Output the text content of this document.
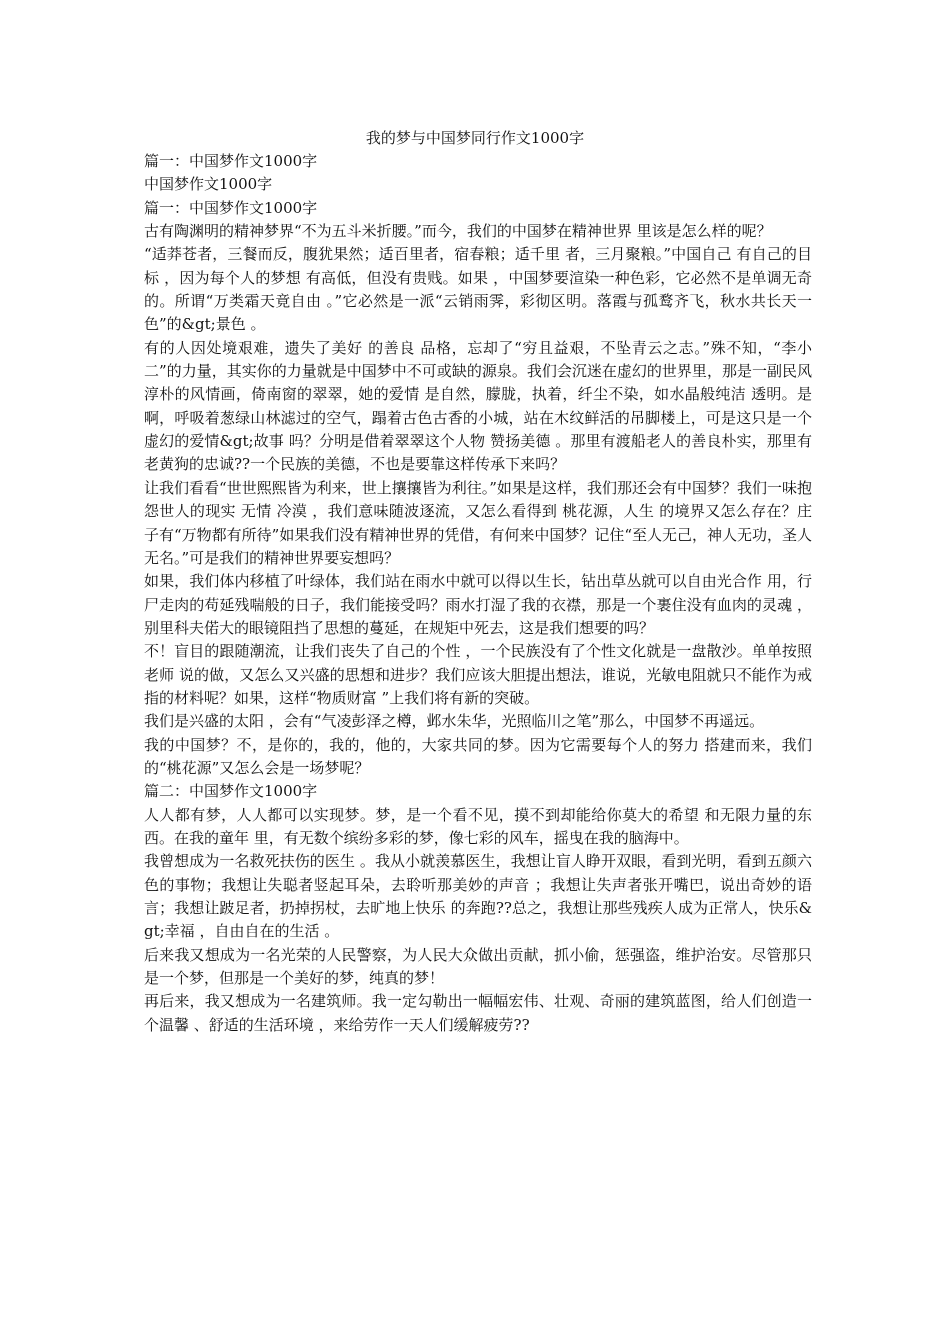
我的梦与中国梦同行作文1000字

篇一：中国梦作文1000字

中国梦作文1000字

篇一：中国梦作文1000字

古有陶渊明的精神梦界“不为五斗米折腰。”而今，我们的中国梦在精神世界 里该是怎么样的呢？

“适莽苍者，三餐而反，腹犹果然；适百里者，宿春粮；适千里 者，三月聚粮。”中国自己 有自己的目标 ，因为每个人的梦想 有高低，但没有贵贱。如果 ，中国梦要渲染一种色彩，它必然不是单调无奇的。所谓“万类霜天竟自由 。”它必然是一派“云销雨霁，彩彻区明。落霞与孤鹜齐飞，秋水共长天一色”的&gt;景色 。

有的人因处境艰难，遗失了美好 的善良 品格，忘却了“穷且益艰，不坠青云之志。”殊不知，“李小二”的力量，其实你的力量就是中国梦中不可或缺的源泉。我们会沉迷在虚幻的世界里，那是一副民风淳朴的风情画，倚南窗的翠翠，她的爱情 是自然，朦胧，执着，纤尘不染，如水晶般纯洁 透明。是啊，呼吸着葱绿山林滤过的空气，蹋着古色古香的小城，站在木纹鲜活的吊脚楼上，可是这只是一个虚幻的爱情&gt;故事 吗？分明是借着翠翠这个人物 赞扬美德 。那里有渡船老人的善良朴实，那里有老黄狗的忠诚??一个民族的美德，不也是要靠这样传承下来吗？

让我们看看“世世熙熙皆为利来，世上攘攘皆为利往。”如果是这样，我们那还会有中国梦？我们一味抱怨世人的现实 无情 冷漠 ，我们意味随波逐流，又怎么看得到 桃花源，人生 的境界又怎么存在？庄子有“万物都有所待”如果我们没有精神世界的凭借，有何来中国梦？记住“至人无己，神人无功，圣人无名。”可是我们的精神世界要妄想吗？

如果，我们体内移植了叶绿体，我们站在雨水中就可以得以生长，钻出草丛就可以自由光合作 用，行尸走肉的苟延残喘般的日子，我们能接受吗？雨水打湿了我的衣襟，那是一个裹住没有血肉的灵魂 ，别里科夫偌大的眼镜阻挡了思想的蔓延，在规矩中死去，这是我们想要的吗？

不！盲目的跟随潮流，让我们丧失了自己的个性 ，一个民族没有了个性文化就是一盘散沙。单单按照老师 说的做，又怎么又兴盛的思想和进步？我们应该大胆提出想法，谁说，光敏电阻就只不能作为戒指的材料呢？如果，这样“物质财富 ”上我们将有新的突破。

我们是兴盛的太阳 ，会有“气凌彭泽之樽，邺水朱华，光照临川之笔”那么，中国梦不再遥远。

我的中国梦？不，是你的，我的，他的，大家共同的梦。因为它需要每个人的努力 搭建而来，我们的“桃花源”又怎么会是一场梦呢？

篇二：中国梦作文1000字

人人都有梦，人人都可以实现梦。梦，是一个看不见，摸不到却能给你莫大的希望 和无限力量的东西。在我的童年 里，有无数个缤纷多彩的梦，像七彩的风车，摇曳在我的脑海中。

我曾想成为一名救死扶伤的医生 。我从小就羡慕医生，我想让盲人睁开双眼，看到光明，看到五颜六色的事物；我想让失聪者竖起耳朵，去聆听那美妙的声音 ；我想让失声者张开嘴巴，说出奇妙的语言；我想让跛足者，扔掉拐杖，去旷地上快乐 的奔跑??总之，我想让那些残疾人成为正常人，快乐&gt;幸福 ，自由自在的生活 。

后来我又想成为一名光荣的人民警察，为人民大众做出贡献，抓小偷，惩强盗，维护治安。尽管那只是一个梦，但那是一个美好的梦，纯真的梦！

再后来，我又想成为一名建筑师。我一定勾勒出一幅幅宏伟、壮观、奇丽的建筑蓝图，给人们创造一个温馨 、舒适的生活环境 ，来给劳作一天人们缓解疲劳??
